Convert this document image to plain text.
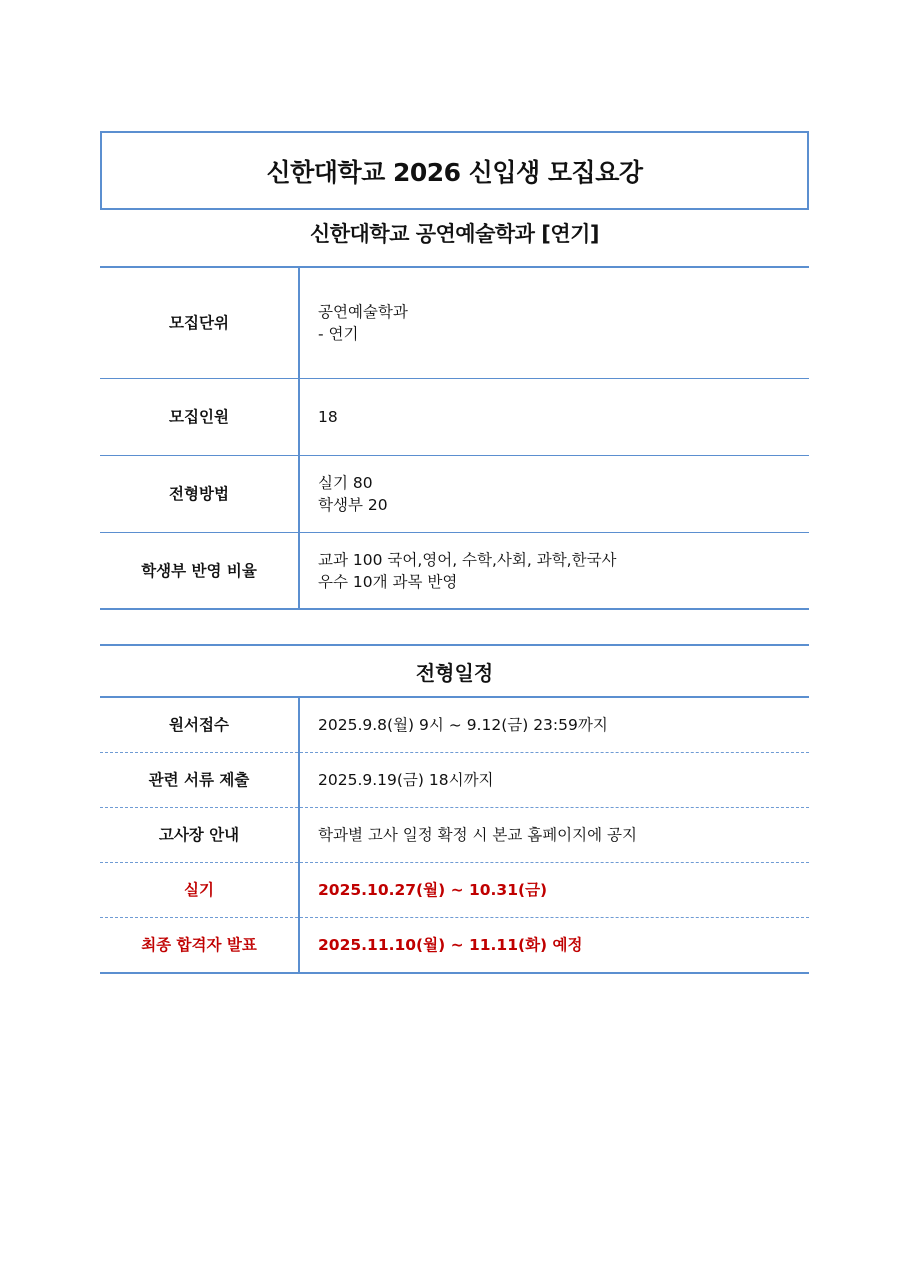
신한대학교 2026 신입생 모집요강
신한대학교 공연예술학과 [연기]
모집단위	공연예술학과
- 연기

모집인원	18

전형방법	실기 80
학생부 20

학생부 반영 비율	교과 100 국어,영어, 수학,사회, 과학,한국사
우수 10개 과목 반영
전형일정
원서접수	2025.9.8(월) 9시 ~ 9.12(금) 23:59까지
관련 서류 제출	2025.9.19(금) 18시까지
고사장 안내	학과별 고사 일정 확정 시 본교 홈페이지에 공지
실기	2025.10.27(월) ~ 10.31(금)
최종 합격자 발표	2025.11.10(월) ~ 11.11(화) 예정
